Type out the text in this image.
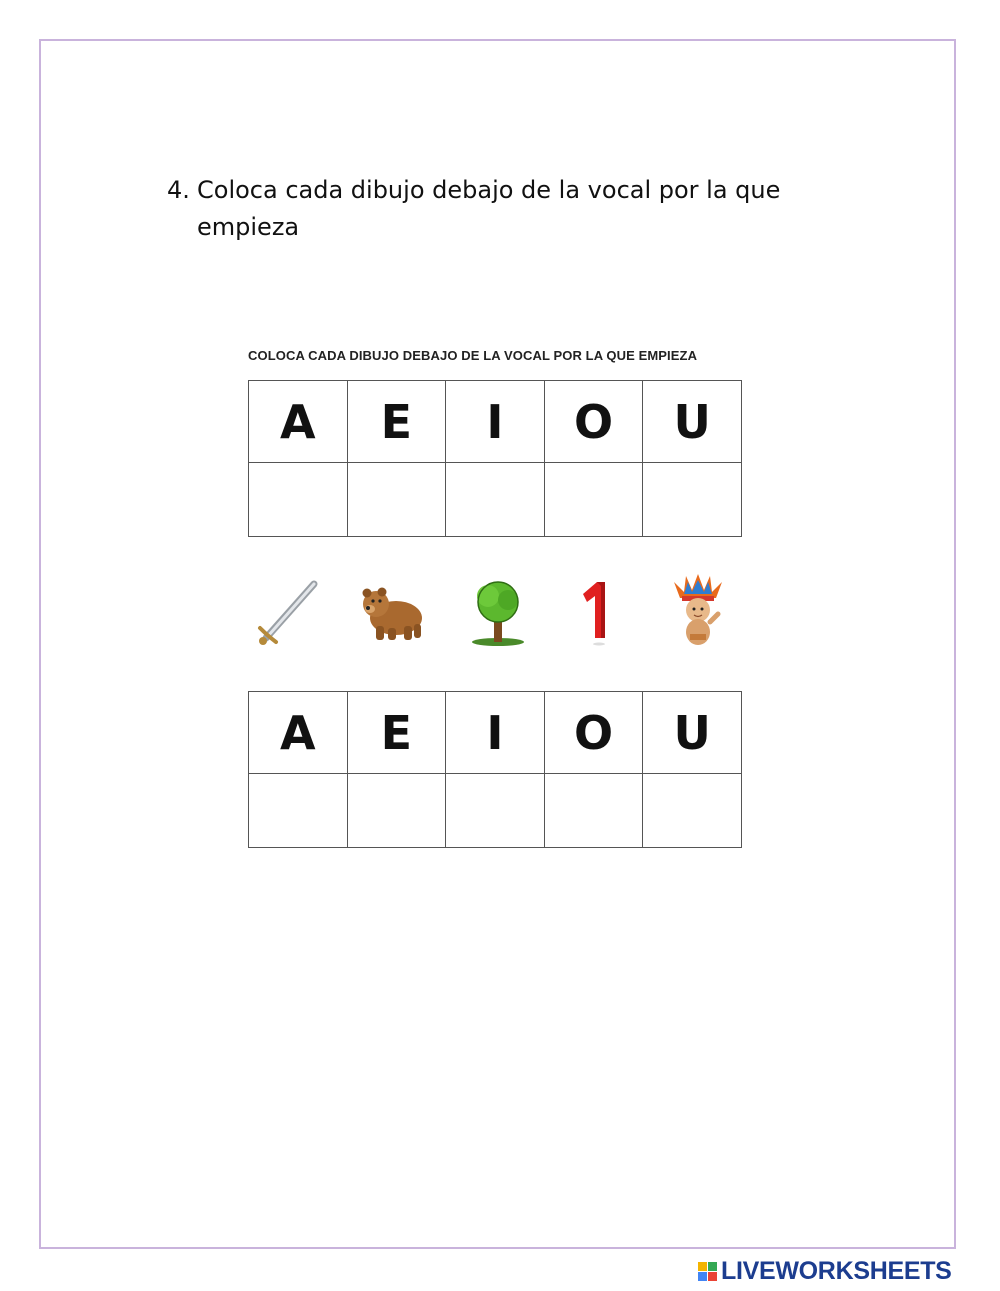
4. Coloca cada dibujo debajo de la vocal por la que empieza
COLOCA CADA DIBUJO DEBAJO DE LA VOCAL POR LA QUE EMPIEZA
A	E	I	O	U

A	E	I	O	U

LIVEWORKSHEETS
